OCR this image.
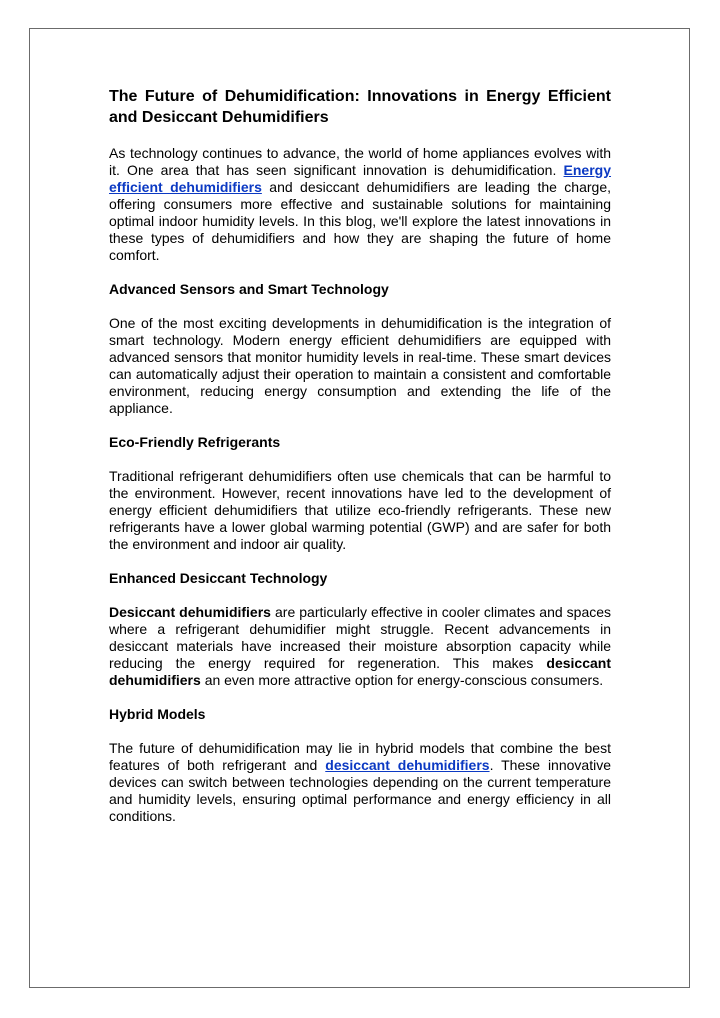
The Future of Dehumidification: Innovations in Energy Efficient and Desiccant Dehumidifiers

As technology continues to advance, the world of home appliances evolves with it. One area that has seen significant innovation is dehumidification. Energy efficient dehumidifiers and desiccant dehumidifiers are leading the charge, offering consumers more effective and sustainable solutions for maintaining optimal indoor humidity levels. In this blog, we'll explore the latest innovations in these types of dehumidifiers and how they are shaping the future of home comfort.

Advanced Sensors and Smart Technology

One of the most exciting developments in dehumidification is the integration of smart technology. Modern energy efficient dehumidifiers are equipped with advanced sensors that monitor humidity levels in real-time. These smart devices can automatically adjust their operation to maintain a consistent and comfortable environment, reducing energy consumption and extending the life of the appliance.

Eco-Friendly Refrigerants

Traditional refrigerant dehumidifiers often use chemicals that can be harmful to the environment. However, recent innovations have led to the development of energy efficient dehumidifiers that utilize eco-friendly refrigerants. These new refrigerants have a lower global warming potential (GWP) and are safer for both the environment and indoor air quality.

Enhanced Desiccant Technology

Desiccant dehumidifiers are particularly effective in cooler climates and spaces where a refrigerant dehumidifier might struggle. Recent advancements in desiccant materials have increased their moisture absorption capacity while reducing the energy required for regeneration. This makes desiccant dehumidifiers an even more attractive option for energy-conscious consumers.

Hybrid Models

The future of dehumidification may lie in hybrid models that combine the best features of both refrigerant and desiccant dehumidifiers. These innovative devices can switch between technologies depending on the current temperature and humidity levels, ensuring optimal performance and energy efficiency in all conditions.
